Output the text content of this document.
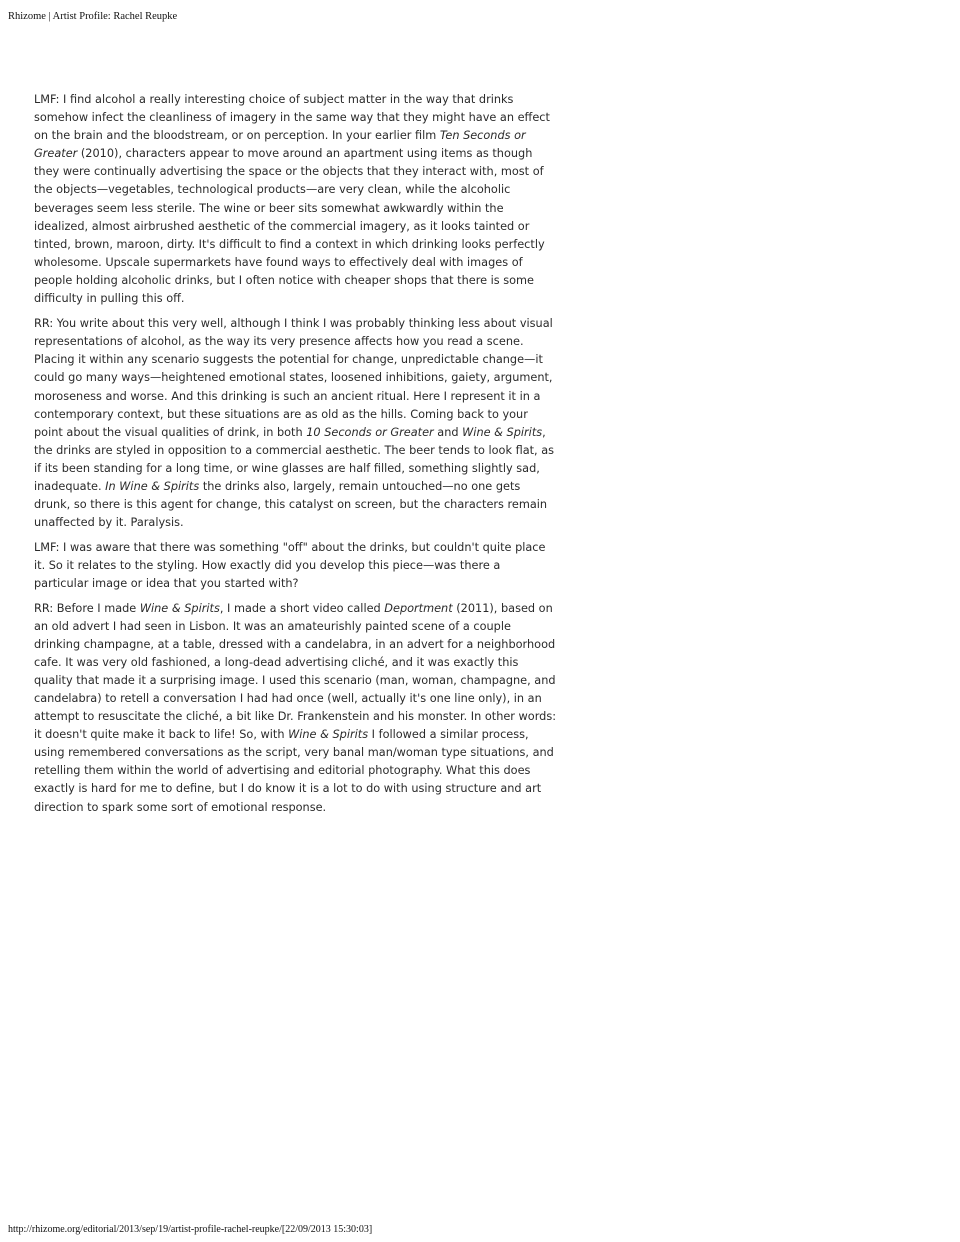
Rhizome | Artist Profile: Rachel Reupke

LMF: I find alcohol a really interesting choice of subject matter in the way that drinks somehow infect the cleanliness of imagery in the same way that they might have an effect on the brain and the bloodstream, or on perception. In your earlier film Ten Seconds or Greater (2010), characters appear to move around an apartment using items as though they were continually advertising the space or the objects that they interact with, most of the objects—vegetables, technological products—are very clean, while the alcoholic beverages seem less sterile. The wine or beer sits somewhat awkwardly within the idealized, almost airbrushed aesthetic of the commercial imagery, as it looks tainted or tinted, brown, maroon, dirty. It's difficult to find a context in which drinking looks perfectly wholesome. Upscale supermarkets have found ways to effectively deal with images of people holding alcoholic drinks, but I often notice with cheaper shops that there is some difficulty in pulling this off.

RR: You write about this very well, although I think I was probably thinking less about visual representations of alcohol, as the way its very presence affects how you read a scene. Placing it within any scenario suggests the potential for change, unpredictable change—it could go many ways—heightened emotional states, loosened inhibitions, gaiety, argument, moroseness and worse. And this drinking is such an ancient ritual. Here I represent it in a contemporary context, but these situations are as old as the hills. Coming back to your point about the visual qualities of drink, in both 10 Seconds or Greater and Wine & Spirits, the drinks are styled in opposition to a commercial aesthetic. The beer tends to look flat, as if its been standing for a long time, or wine glasses are half filled, something slightly sad, inadequate. In Wine & Spirits the drinks also, largely, remain untouched—no one gets drunk, so there is this agent for change, this catalyst on screen, but the characters remain unaffected by it. Paralysis.

LMF: I was aware that there was something "off" about the drinks, but couldn't quite place it. So it relates to the styling. How exactly did you develop this piece—was there a particular image or idea that you started with?

RR: Before I made Wine & Spirits, I made a short video called Deportment (2011), based on an old advert I had seen in Lisbon. It was an amateurishly painted scene of a couple drinking champagne, at a table, dressed with a candelabra, in an advert for a neighborhood cafe. It was very old fashioned, a long-dead advertising cliché, and it was exactly this quality that made it a surprising image. I used this scenario (man, woman, champagne, and candelabra) to retell a conversation I had had once (well, actually it's one line only), in an attempt to resuscitate the cliché, a bit like Dr. Frankenstein and his monster. In other words: it doesn't quite make it back to life! So, with Wine & Spirits I followed a similar process, using remembered conversations as the script, very banal man/woman type situations, and retelling them within the world of advertising and editorial photography. What this does exactly is hard for me to define, but I do know it is a lot to do with using structure and art direction to spark some sort of emotional response.

http://rhizome.org/editorial/2013/sep/19/artist-profile-rachel-reupke/[22/09/2013 15:30:03]
